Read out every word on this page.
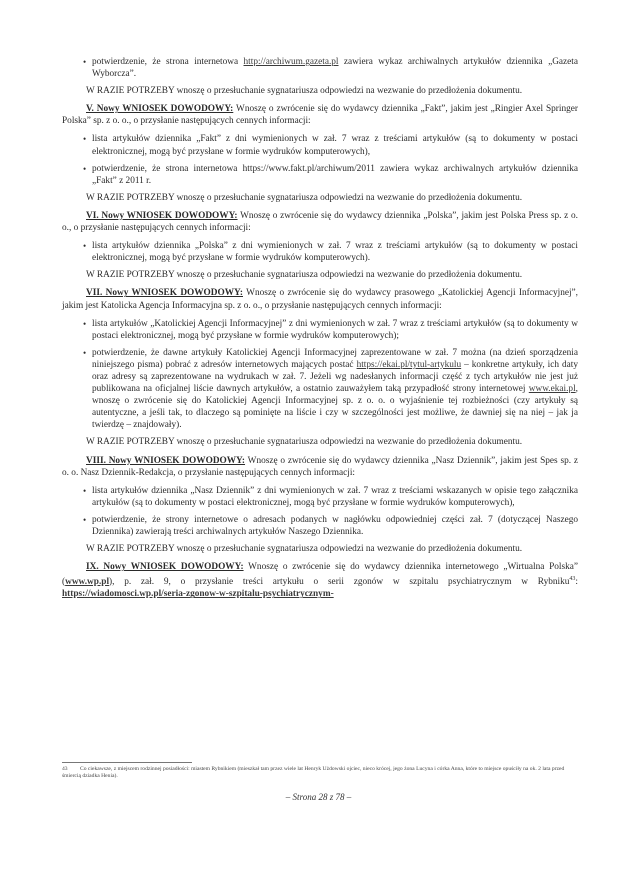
• potwierdzenie, że strona internetowa http://archiwum.gazeta.pl zawiera wykaz archiwalnych artykułów dziennika „Gazeta Wyborcza”.
W RAZIE POTRZEBY wnoszę o przesłuchanie sygnatariusza odpowiedzi na wezwanie do przedłożenia dokumentu.
V. Nowy WNIOSEK DOWODOWY: Wnoszę o zwrócenie się do wydawcy dziennika „Fakt”, jakim jest „Ringier Axel Springer Polska” sp. z o. o., o przysłanie następujących cennych informacji:
• lista artykułów dziennika „Fakt” z dni wymienionych w zał. 7 wraz z treściami artykułów (są to dokumenty w postaci elektronicznej, mogą być przysłane w formie wydruków komputerowych),
• potwierdzenie, że strona internetowa https://www.fakt.pl/archiwum/2011 zawiera wykaz archiwalnych artykułów dziennika „Fakt” z 2011 r.
W RAZIE POTRZEBY wnoszę o przesłuchanie sygnatariusza odpowiedzi na wezwanie do przedłożenia dokumentu.
VI. Nowy WNIOSEK DOWODOWY: Wnoszę o zwrócenie się do wydawcy dziennika „Polska”, jakim jest Polska Press sp. z o. o., o przysłanie następujących cennych informacji:
• lista artykułów dziennika „Polska” z dni wymienionych w zał. 7 wraz z treściami artykułów (są to dokumenty w postaci elektronicznej, mogą być przysłane w formie wydruków komputerowych).
W RAZIE POTRZEBY wnoszę o przesłuchanie sygnatariusza odpowiedzi na wezwanie do przedłożenia dokumentu.
VII. Nowy WNIOSEK DOWODOWY: Wnoszę o zwrócenie się do wydawcy prasowego „Katolickiej Agencji Informacyjnej”, jakim jest Katolicka Agencja Informacyjna sp. z o. o., o przysłanie następujących cennych informacji:
• lista artykułów „Katolickiej Agencji Informacyjnej” z dni wymienionych w zał. 7 wraz z treściami artykułów (są to dokumenty w postaci elektronicznej, mogą być przysłane w formie wydruków komputerowych);
• potwierdzenie, że dawne artykuły Katolickiej Agencji Informacyjnej zaprezentowane w zał. 7 można (na dzień sporządzenia niniejszego pisma) pobrać z adresów internetowych mających postać https://ekai.pl/tytul-artykulu – konkretne artykuły, ich daty oraz adresy są zaprezentowane na wydrukach w zał. 7. Jeżeli wg nadesłanych informacji część z tych artykułów nie jest już publikowana na oficjalnej liście dawnych artykułów, a ostatnio zauważyłem taką przypadłość strony internetowej www.ekai.pl, wnoszę o zwrócenie się do Katolickiej Agencji Informacyjnej sp. z o. o. o wyjaśnienie tej rozbieżności (czy artykuły są autentyczne, a jeśli tak, to dlaczego są pominięte na liście i czy w szczególności jest możliwe, że dawniej się na niej – jak ja twierdzę – znajdowały).
W RAZIE POTRZEBY wnoszę o przesłuchanie sygnatariusza odpowiedzi na wezwanie do przedłożenia dokumentu.
VIII. Nowy WNIOSEK DOWODOWY: Wnoszę o zwrócenie się do wydawcy dziennika „Nasz Dziennik”, jakim jest Spes sp. z o. o. Nasz Dziennik-Redakcja, o przysłanie następujących cennych informacji:
• lista artykułów dziennika „Nasz Dziennik” z dni wymienionych w zał. 7 wraz z treściami wskazanych w opisie tego załącznika artykułów (są to dokumenty w postaci elektronicznej, mogą być przysłane w formie wydruków komputerowych),
• potwierdzenie, że strony internetowe o adresach podanych w nagłówku odpowiedniej części zał. 7 (dotyczącej Naszego Dziennika) zawierają treści archiwalnych artykułów Naszego Dziennika.
W RAZIE POTRZEBY wnoszę o przesłuchanie sygnatariusza odpowiedzi na wezwanie do przedłożenia dokumentu.
IX. Nowy WNIOSEK DOWODOWY: Wnoszę o zwrócenie się do wydawcy dziennika internetowego „Wirtualna Polska” (www.wp.pl), p. zał. 9, o przysłanie treści artykułu o serii zgonów w szpitalu psychiatrycznym w Rybniku$^{43}$: https://wiadomosci.wp.pl/seria-zgonow-w-szpitalu-psychiatrycznym-
43 Co ciekawsze, z miejscem rodzinnej posiadłości: miastem Rybnikiem (mieszkał tam przez wiele lat Henryk Użdowski ojciec, nieco krócej, jego żona Lucyna i córka Anna, które to miejsce opuściły na ok. 2 lata przed śmiercią dziadka Henia).
– Strona 28 z 78 –
